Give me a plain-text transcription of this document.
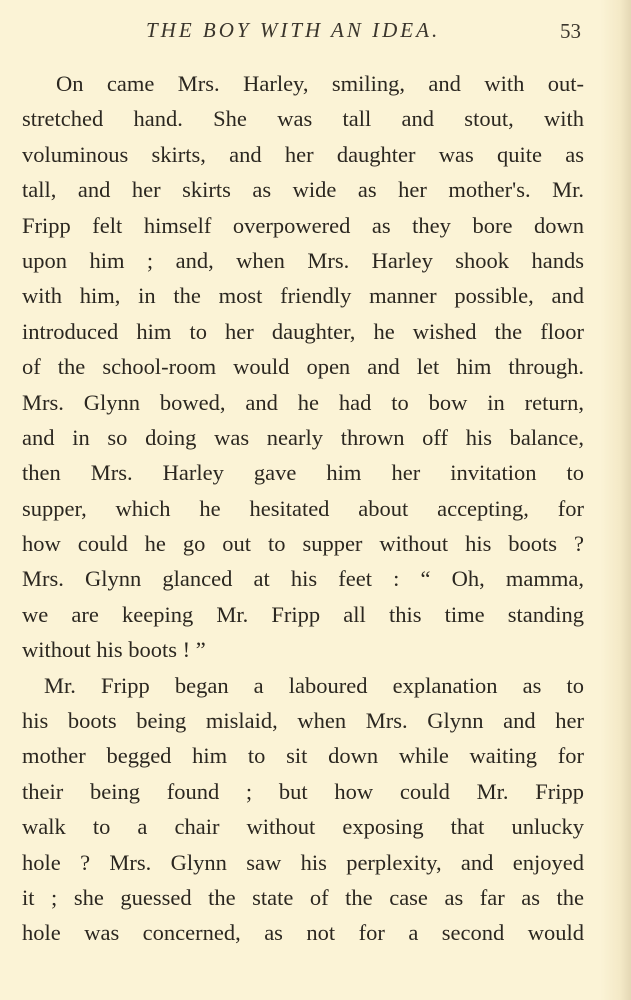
THE BOY WITH AN IDEA.	53
On came Mrs. Harley, smiling, and with out-
stretched hand. She was tall and stout, with
voluminous skirts, and her daughter was quite as
tall, and her skirts as wide as her mother's. Mr.
Fripp felt himself overpowered as they bore down
upon him ; and, when Mrs. Harley shook hands
with him, in the most friendly manner possible, and
introduced him to her daughter, he wished the floor
of the school-room would open and let him through.
Mrs. Glynn bowed, and he had to bow in return,
and in so doing was nearly thrown off his balance,
then Mrs. Harley gave him her invitation to
supper, which he hesitated about accepting, for
how could he go out to supper without his boots ?
Mrs. Glynn glanced at his feet : “ Oh, mamma,
we are keeping Mr. Fripp all this time standing
without his boots ! ”
Mr. Fripp began a laboured explanation as to
his boots being mislaid, when Mrs. Glynn and her
mother begged him to sit down while waiting for
their being found ; but how could Mr. Fripp
walk to a chair without exposing that unlucky
hole ? Mrs. Glynn saw his perplexity, and enjoyed
it ; she guessed the state of the case as far as the
hole was concerned, as not for a second would
